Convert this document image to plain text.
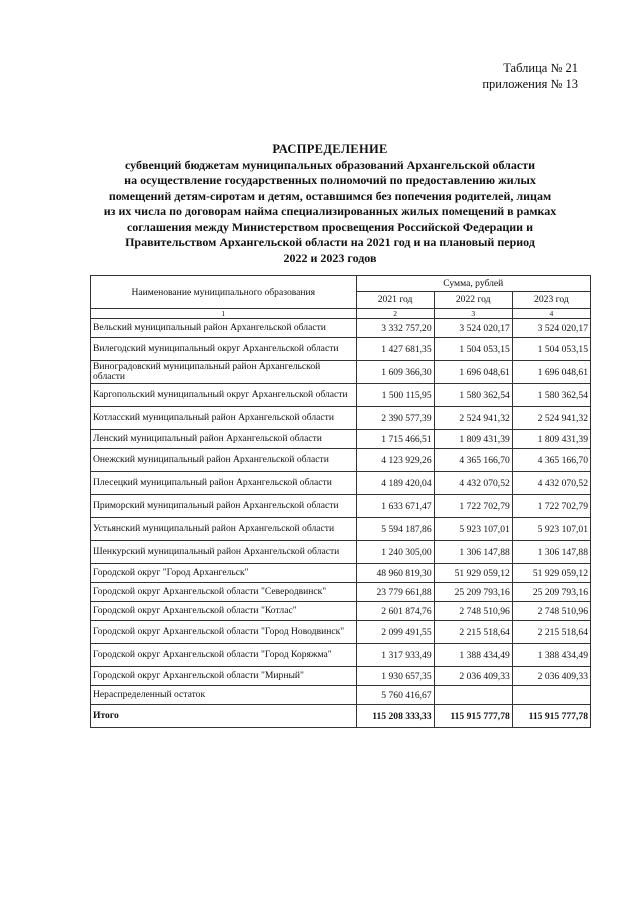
Таблица № 21
приложения № 13
РАСПРЕДЕЛЕНИЕ
субвенций бюджетам муниципальных образований Архангельской области
на осуществление государственных полномочий по предоставлению жилых
помещений детям-сиротам и детям, оставшимся без попечения родителей, лицам
из их числа по договорам найма специализированных жилых помещений в рамках
соглашения между Министерством просвещения Российской Федерации и
Правительством Архангельской области на 2021 год и на плановый период
2022 и 2023 годов
Наименование муниципального образования	Сумма, рублей		
	2021 год	2022 год	2023 год
1	2	3	4
Вельский муниципальный район Архангельской области	3 332 757,20	3 524 020,17	3 524 020,17
Вилегодский муниципальный округ Архангельской области	1 427 681,35	1 504 053,15	1 504 053,15
Виноградовский муниципальный район Архангельской области	1 609 366,30	1 696 048,61	1 696 048,61
Каргопольский муниципальный округ Архангельской области	1 500 115,95	1 580 362,54	1 580 362,54
Котласский муниципальный район Архангельской области	2 390 577,39	2 524 941,32	2 524 941,32
Ленский муниципальный район Архангельской области	1 715 466,51	1 809 431,39	1 809 431,39
Онежский муниципальный район Архангельской области	4 123 929,26	4 365 166,70	4 365 166,70
Плесецкий муниципальный район Архангельской области	4 189 420,04	4 432 070,52	4 432 070,52
Приморский муниципальный район Архангельской области	1 633 671,47	1 722 702,79	1 722 702,79
Устьянский муниципальный район Архангельской области	5 594 187,86	5 923 107,01	5 923 107,01
Шенкурский муниципальный район Архангельской области	1 240 305,00	1 306 147,88	1 306 147,88
Городской округ "Город Архангельск"	48 960 819,30	51 929 059,12	51 929 059,12
Городской округ Архангельской области "Северодвинск"	23 779 661,88	25 209 793,16	25 209 793,16
Городской округ Архангельской области "Котлас"	2 601 874,76	2 748 510,96	2 748 510,96
Городской округ Архангельской области "Город Новодвинск"	2 099 491,55	2 215 518,64	2 215 518,64
Городской округ Архангельской области "Город Коряжма"	1 317 933,49	1 388 434,49	1 388 434,49
Городской округ Архангельской области "Мирный"	1 930 657,35	2 036 409,33	2 036 409,33
Нераспределенный остаток	5 760 416,67		
Итого	115 208 333,33	115 915 777,78	115 915 777,78
